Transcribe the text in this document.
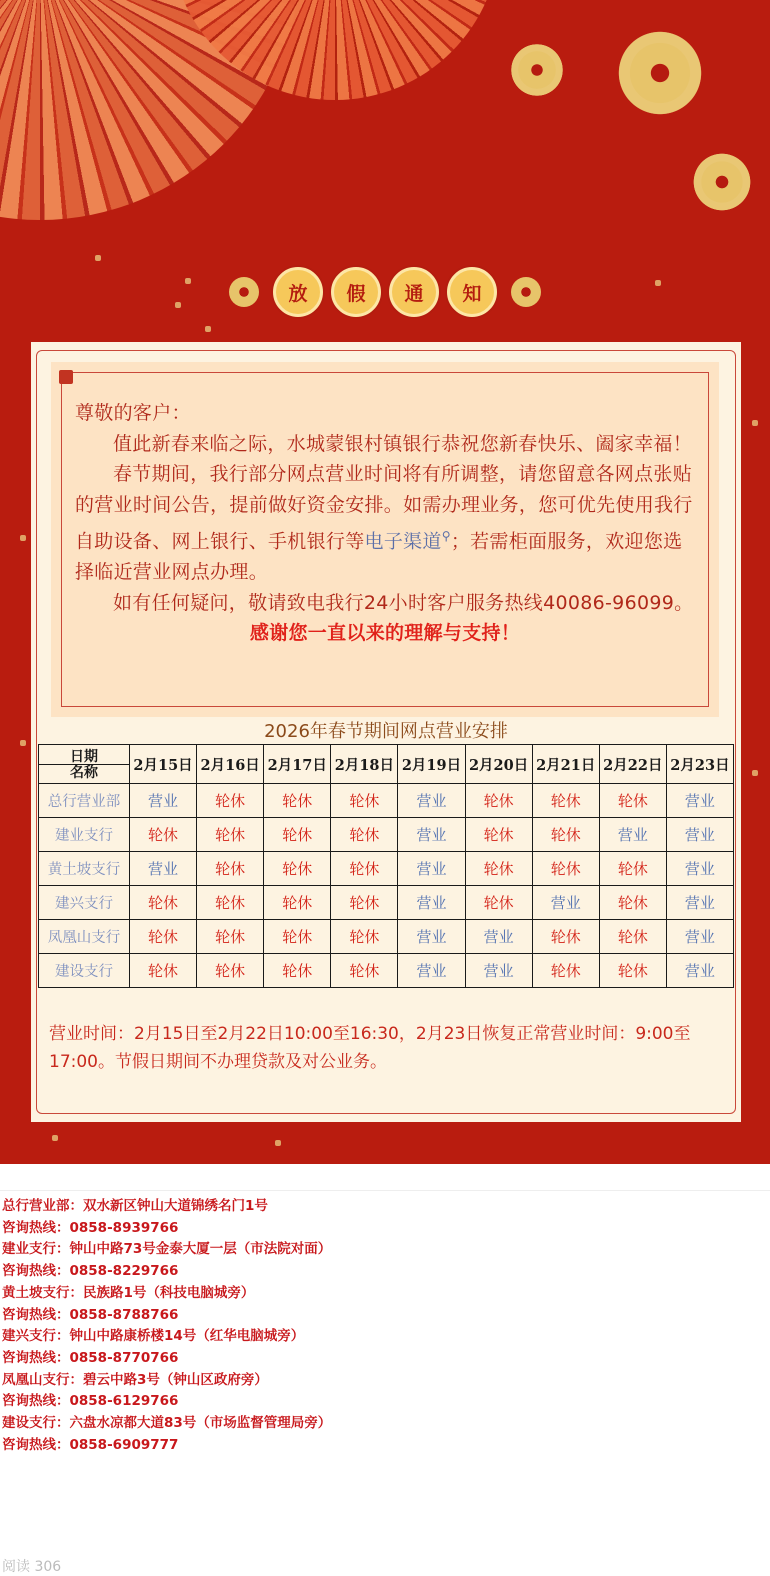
放	假	通	知

尊敬的客户：

值此新春来临之际，水城蒙银村镇银行恭祝您新春快乐、阖家幸福！

春节期间，我行部分网点营业时间将有所调整，请您留意各网点张贴的营业时间公告，提前做好资金安排。如需办理业务，您可优先使用我行自助设备、网上银行、手机银行等电子渠道⚲；若需柜面服务，欢迎您选择临近营业网点办理。

如有任何疑问，敬请致电我行24小时客户服务热线40086-96099。

感谢您一直以来的理解与支持！

2026年春节期间网点营业安排
日期
名称	2月15日	2月16日	2月17日	2月18日	2月19日	2月20日	2月21日	2月22日	2月23日
总行营业部	营业	轮休	轮休	轮休	营业	轮休	轮休	轮休	营业
建业支行	轮休	轮休	轮休	轮休	营业	轮休	轮休	营业	营业
黄土坡支行	营业	轮休	轮休	轮休	营业	轮休	轮休	轮休	营业
建兴支行	轮休	轮休	轮休	轮休	营业	轮休	营业	轮休	营业
凤凰山支行	轮休	轮休	轮休	轮休	营业	营业	轮休	轮休	营业
建设支行	轮休	轮休	轮休	轮休	营业	营业	轮休	轮休	营业
营业时间：2月15日至2月22日10:00至16:30，2月23日恢复正常营业时间：9:00至17:00。节假日期间不办理贷款及对公业务。

总行营业部：双水新区钟山大道锦绣名门1号

咨询热线：0858-8939766

建业支行：钟山中路73号金泰大厦一层（市法院对面）

咨询热线：0858-8229766

黄土坡支行：民族路1号（科技电脑城旁）

咨询热线：0858-8788766

建兴支行：钟山中路康桥楼14号（红华电脑城旁）

咨询热线：0858-8770766

凤凰山支行：碧云中路3号（钟山区政府旁）

咨询热线：0858-6129766

建设支行：六盘水凉都大道83号（市场监督管理局旁）

咨询热线：0858-6909777

阅读 306
